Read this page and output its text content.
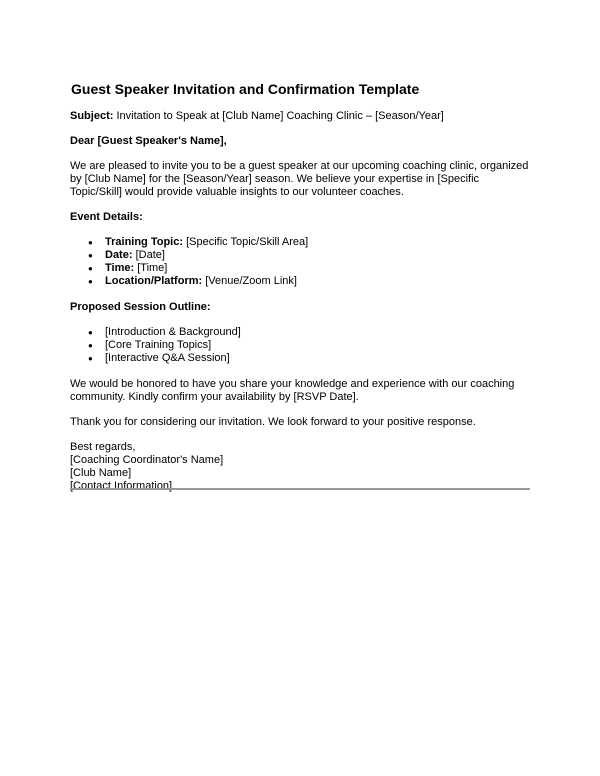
Guest Speaker Invitation and Confirmation Template
Subject: Invitation to Speak at [Club Name] Coaching Clinic – [Season/Year]
Dear [Guest Speaker's Name],

We are pleased to invite you to be a guest speaker at our upcoming coaching clinic, organized by [Club Name] for the [Season/Year] season. We believe your expertise in [Specific Topic/Skill] would provide valuable insights to our volunteer coaches.

Event Details:
● Training Topic: [Specific Topic/Skill Area]
● Date: [Date]
● Time: [Time]
● Location/Platform: [Venue/Zoom Link]
Proposed Session Outline:
● [Introduction & Background]
● [Core Training Topics]
● [Interactive Q&A Session]

We would be honored to have you share your knowledge and experience with our coaching community. Kindly confirm your availability by [RSVP Date].

Thank you for considering our invitation. We look forward to your positive response.

Best regards,
[Coaching Coordinator's Name]
[Club Name]
[Contact Information]
